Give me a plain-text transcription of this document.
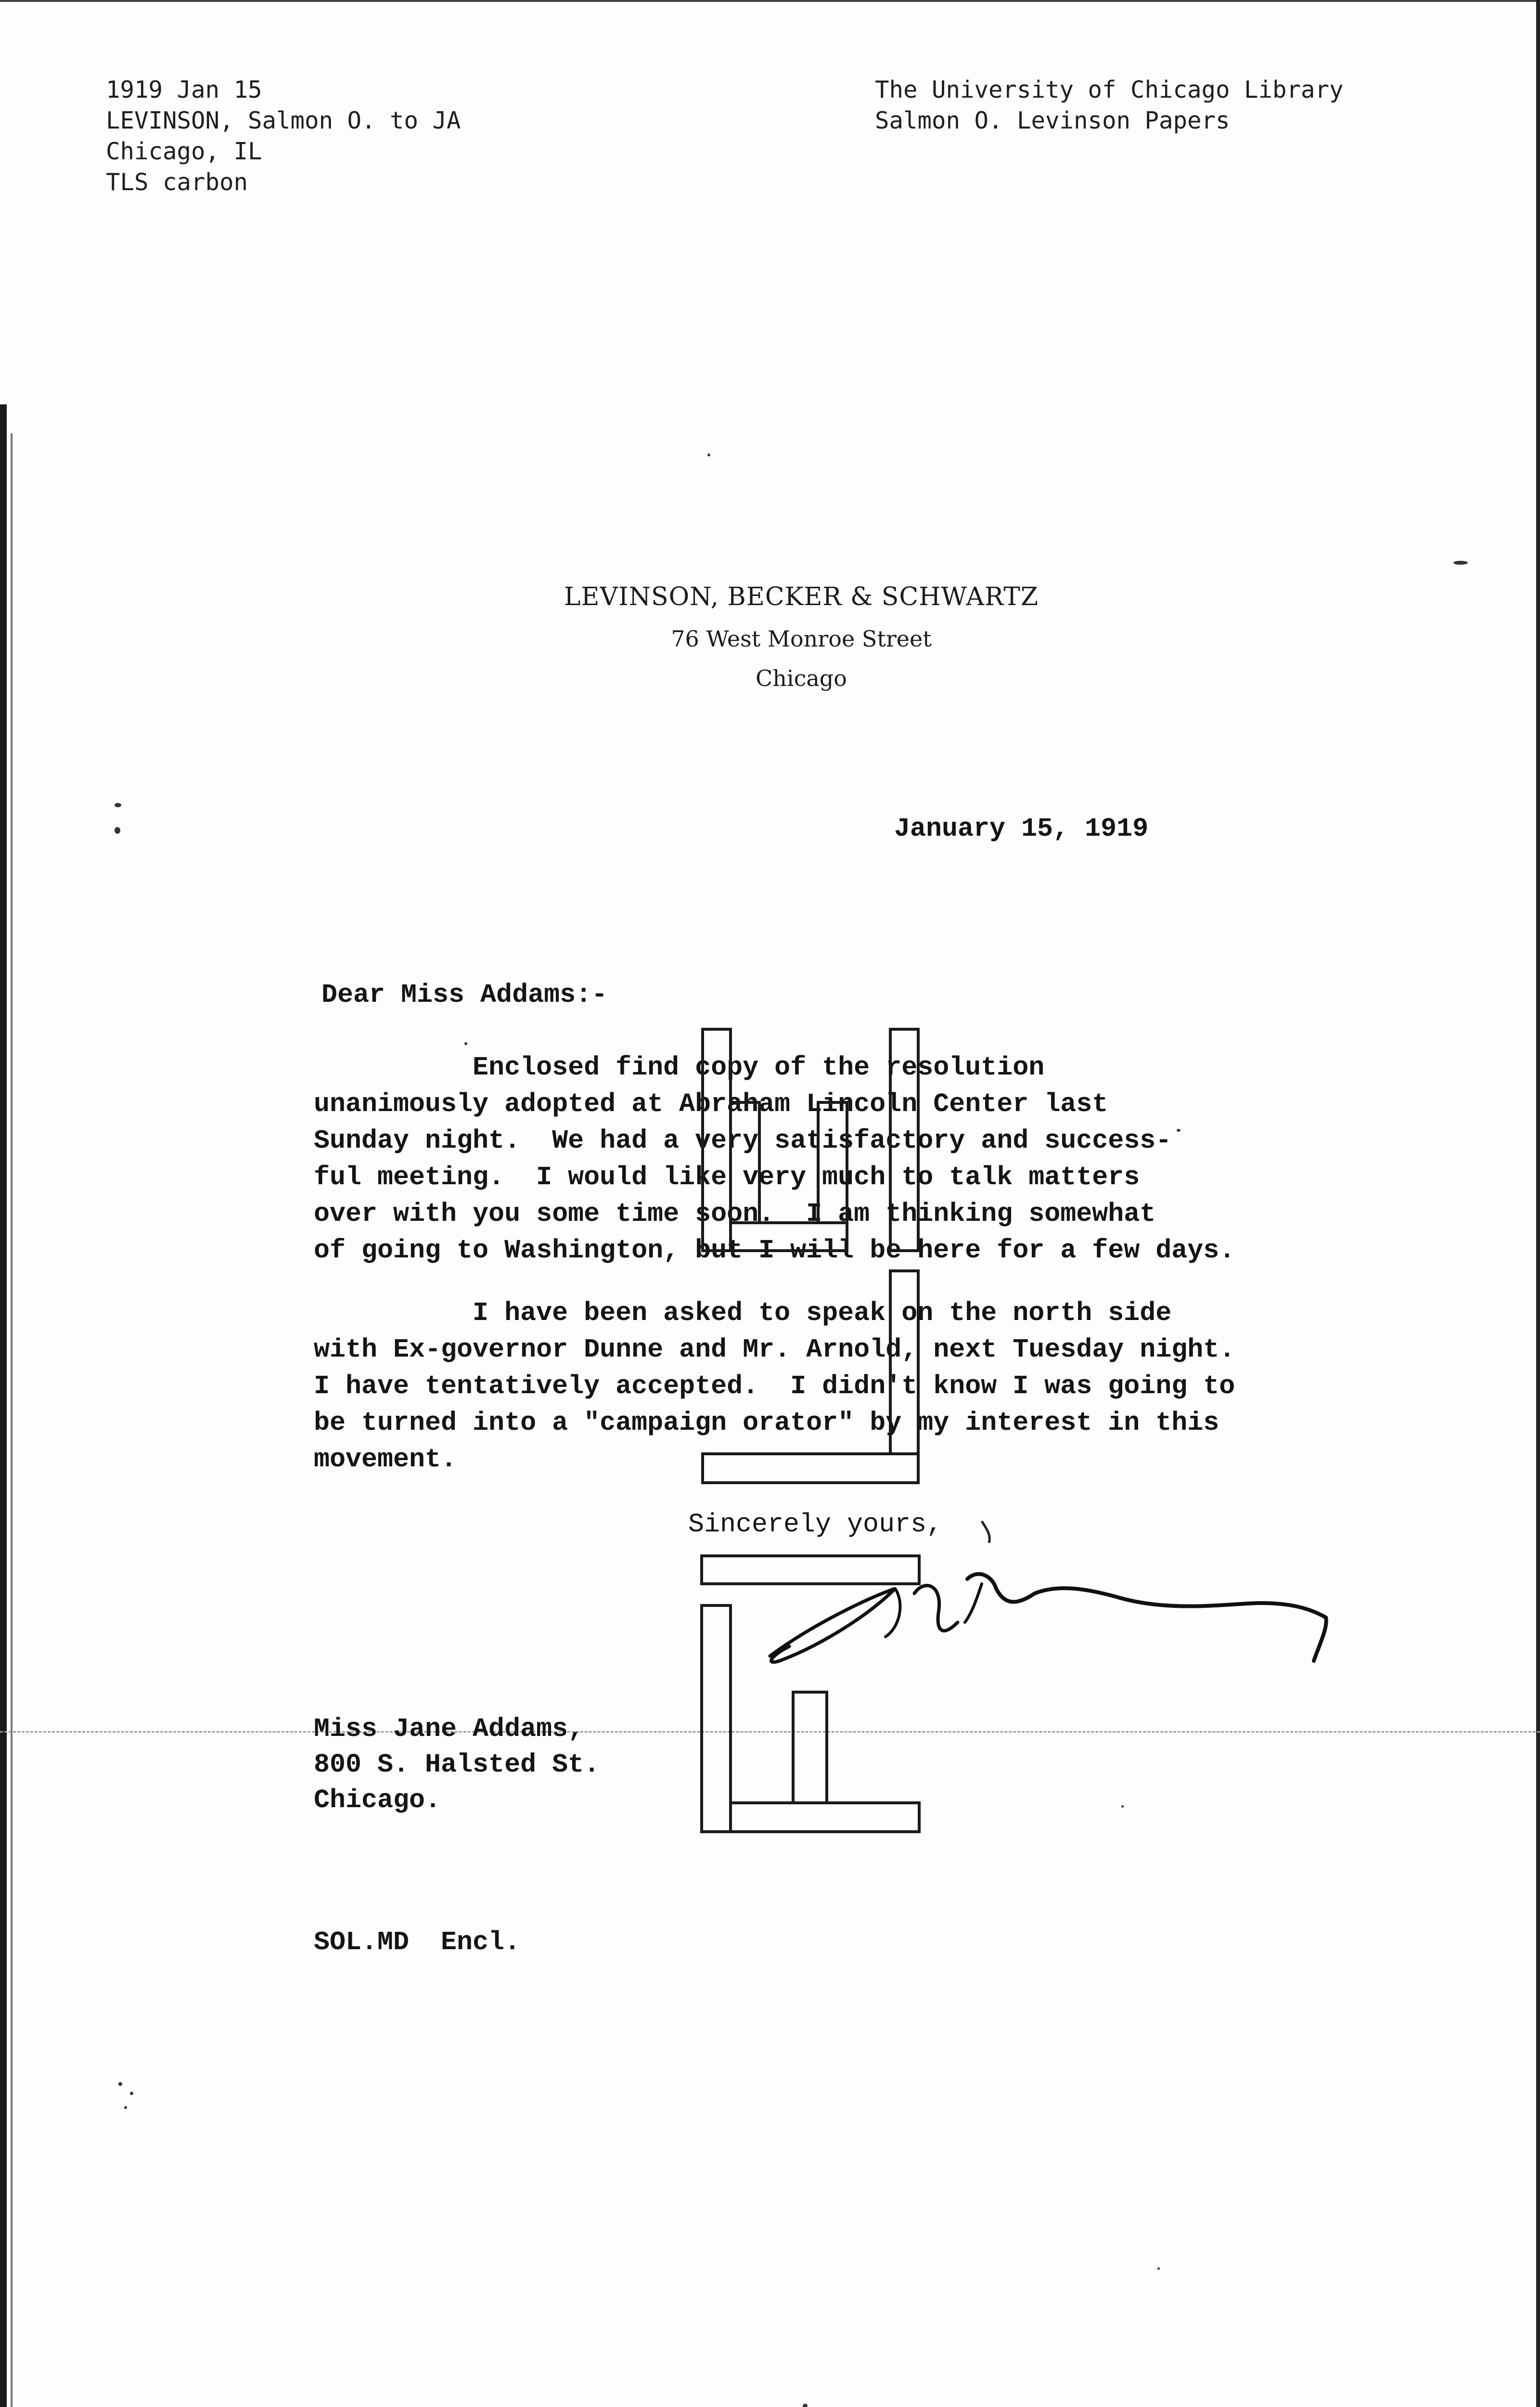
1919 Jan 15
LEVINSON, Salmon O. to JA
Chicago, IL
TLS carbon
The University of Chicago Library
Salmon O. Levinson Papers
LEVINSON, BECKER & SCHWARTZ
76 West Monroe Street
Chicago
January 15, 1919
Dear Miss Addams:-
Enclosed find copy of the resolution
unanimously adopted at Abraham Lincoln Center last
Sunday night.  We had a very satisfactory and success-
ful meeting.  I would like very much to talk matters
over with you some time soon.  I am thinking somewhat
of going to Washington, but I will be here for a few days.
I have been asked to speak on the north side
with Ex-governor Dunne and Mr. Arnold, next Tuesday night.
I have tentatively accepted.  I didn't know I was going to
be turned into a "campaign orator" by my interest in this
movement.
Sincerely yours,
Miss Jane Addams,
800 S. Halsted St.
Chicago.
SOL.MD  Encl.
